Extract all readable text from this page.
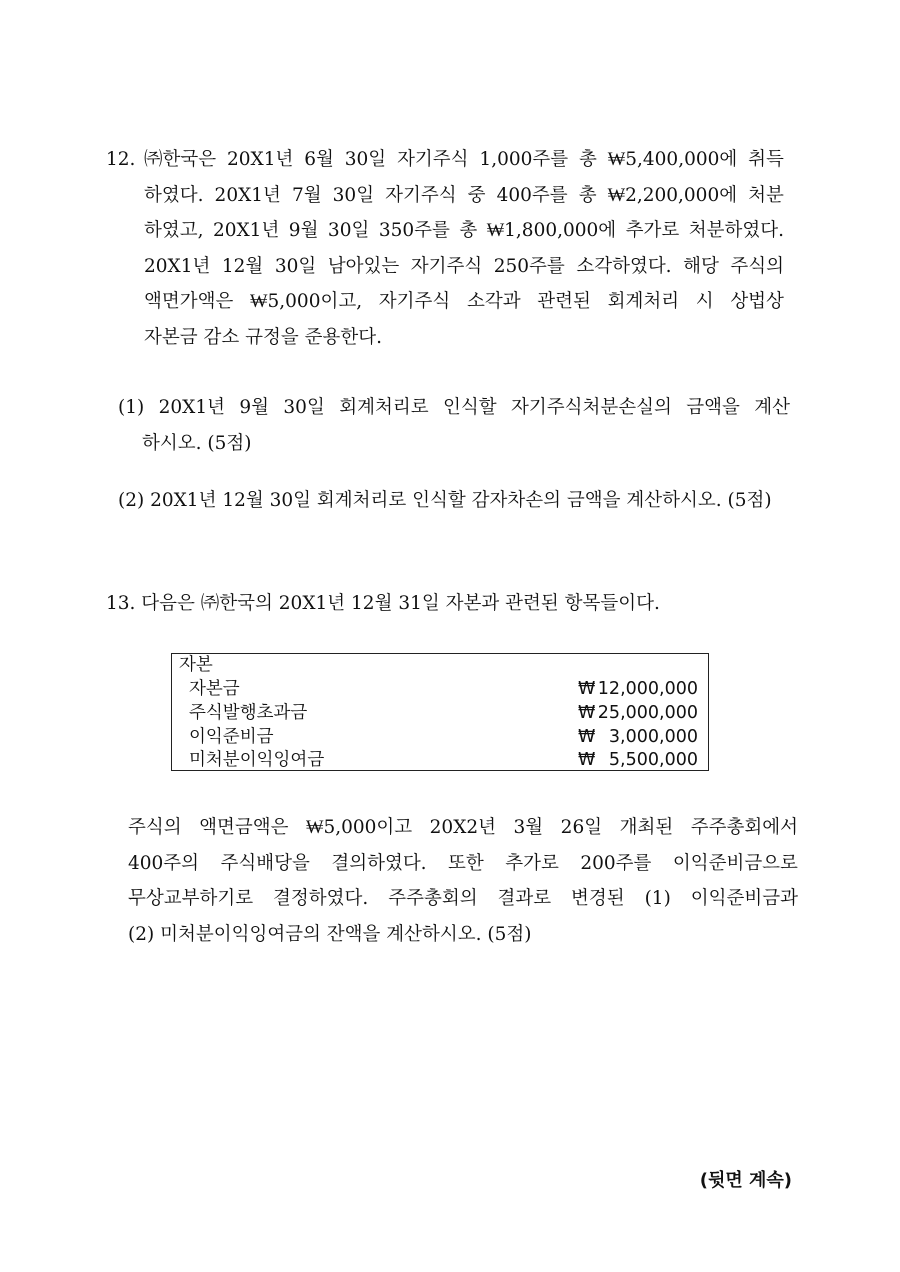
12. ㈜한국은 20X1년 6월 30일 자기주식 1,000주를 총 ₩5,400,000에 취득
하였다. 20X1년 7월 30일 자기주식 중 400주를 총 ₩2,200,000에 처분
하였고, 20X1년 9월 30일 350주를 총 ₩1,800,000에 추가로 처분하였다.
20X1년 12월 30일 남아있는 자기주식 250주를 소각하였다. 해당 주식의
액면가액은 ₩5,000이고, 자기주식 소각과 관련된 회계처리 시 상법상
자본금 감소 규정을 준용한다.
(1) 20X1년 9월 30일 회계처리로 인식할 자기주식처분손실의 금액을 계산
하시오. (5점)
(2) 20X1년 12월 30일 회계처리로 인식할 감자차손의 금액을 계산하시오. (5점)
13. 다음은 ㈜한국의 20X1년 12월 31일 자본과 관련된 항목들이다.
자본
자본금	₩ 12,000,000
주식발행초과금	₩ 25,000,000
이익준비금	₩ 3,000,000
미처분이익잉여금	₩ 5,500,000
주식의 액면금액은 ₩5,000이고 20X2년 3월 26일 개최된 주주총회에서
400주의 주식배당을 결의하였다. 또한 추가로 200주를 이익준비금으로
무상교부하기로 결정하였다. 주주총회의 결과로 변경된 (1) 이익준비금과
(2) 미처분이익잉여금의 잔액을 계산하시오. (5점)
(뒷면 계속)
